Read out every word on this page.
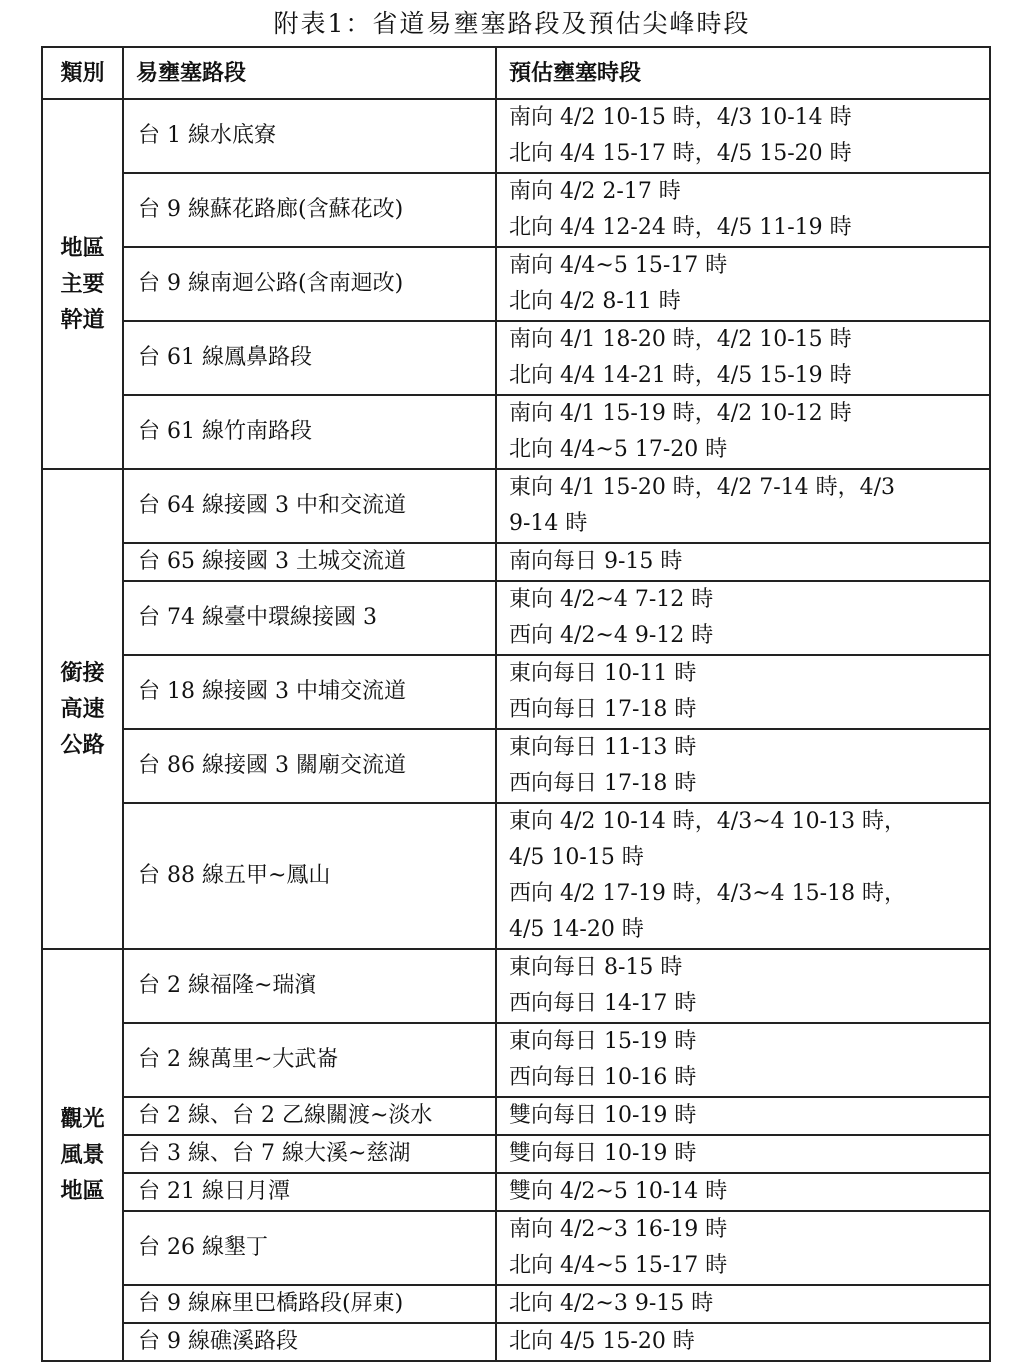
附表1：省道易壅塞路段及預估尖峰時段
類別	易壅塞路段	預估壅塞時段

地區
主要
幹道	台 1 線水底寮	南向 4/2 10-15 時，4/3 10-14 時
北向 4/4 15-17 時，4/5 15-20 時

	台 9 線蘇花路廊(含蘇花改)	南向 4/2 2-17 時
北向 4/4 12-24 時，4/5 11-19 時

	台 9 線南迴公路(含南迴改)	南向 4/4~5 15-17 時
北向 4/2 8-11 時

	台 61 線鳳鼻路段	南向 4/1 18-20 時，4/2 10-15 時
北向 4/4 14-21 時，4/5 15-19 時

	台 61 線竹南路段	南向 4/1 15-19 時，4/2 10-12 時
北向 4/4~5 17-20 時

銜接
高速
公路	台 64 線接國 3 中和交流道	東向 4/1 15-20 時，4/2 7-14 時，4/3
9-14 時

	台 65 線接國 3 土城交流道	南向每日 9-15 時

	台 74 線臺中環線接國 3	東向 4/2~4 7-12 時
西向 4/2~4 9-12 時

	台 18 線接國 3 中埔交流道	東向每日 10-11 時
西向每日 17-18 時

	台 86 線接國 3 關廟交流道	東向每日 11-13 時
西向每日 17-18 時

	台 88 線五甲~鳳山	東向 4/2 10-14 時，4/3~4 10-13 時，
4/5 10-15 時
西向 4/2 17-19 時，4/3~4 15-18 時，
4/5 14-20 時

觀光
風景
地區	台 2 線福隆~瑞濱	東向每日 8-15 時
西向每日 14-17 時

	台 2 線萬里~大武崙	東向每日 15-19 時
西向每日 10-16 時

	台 2 線、台 2 乙線關渡~淡水	雙向每日 10-19 時

	台 3 線、台 7 線大溪~慈湖	雙向每日 10-19 時

	台 21 線日月潭	雙向 4/2~5 10-14 時

	台 26 線墾丁	南向 4/2~3 16-19 時
北向 4/4~5 15-17 時

	台 9 線麻里巴橋路段(屏東)	北向 4/2~3 9-15 時

	台 9 線礁溪路段	北向 4/5 15-20 時
